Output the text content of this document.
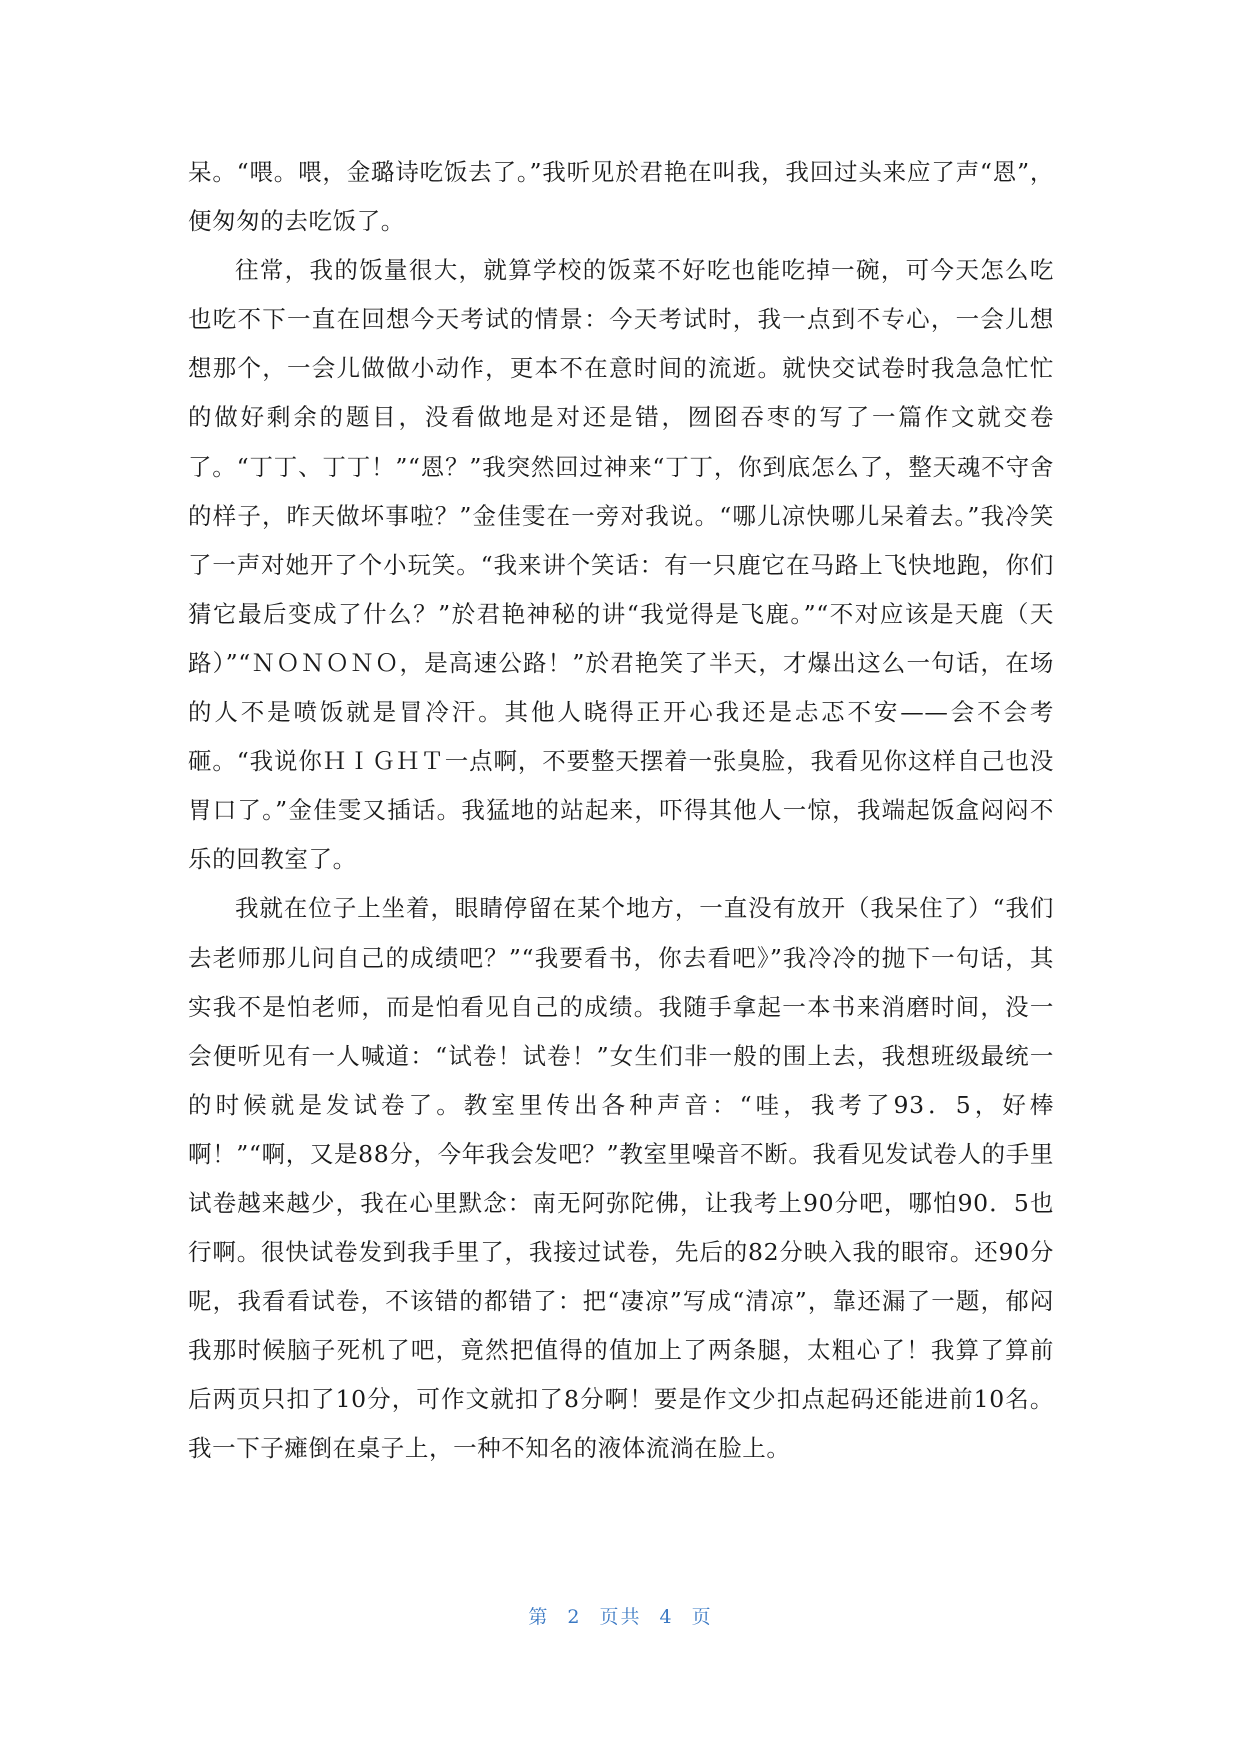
呆。“喂。喂，金璐诗吃饭去了。”我听见於君艳在叫我，我回过头来应了声“恩”，便匆匆的去吃饭了。

往常，我的饭量很大，就算学校的饭菜不好吃也能吃掉一碗，可今天怎么吃也吃不下一直在回想今天考试的情景：今天考试时，我一点到不专心，一会儿想想那个，一会儿做做小动作，更本不在意时间的流逝。就快交试卷时我急急忙忙的做好剩余的题目，没看做地是对还是错，囫囵吞枣的写了一篇作文就交卷了。“丁丁、丁丁！”“恩？”我突然回过神来“丁丁，你到底怎么了，整天魂不守舍的样子，昨天做坏事啦？”金佳雯在一旁对我说。“哪儿凉快哪儿呆着去。”我冷笑了一声对她开了个小玩笑。“我来讲个笑话：有一只鹿它在马路上飞快地跑，你们猜它最后变成了什么？”於君艳神秘的讲“我觉得是飞鹿。”“不对应该是天鹿（天路）”“ＮＯＮＯＮＯ，是高速公路！”於君艳笑了半天，才爆出这么一句话，在场的人不是喷饭就是冒冷汗。其他人晓得正开心我还是忐忑不安——会不会考砸。“我说你ＨＩＧＨＴ一点啊，不要整天摆着一张臭脸，我看见你这样自己也没胃口了。”金佳雯又插话。我猛地的站起来，吓得其他人一惊，我端起饭盒闷闷不乐的回教室了。

我就在位子上坐着，眼睛停留在某个地方，一直没有放开（我呆住了）“我们去老师那儿问自己的成绩吧？”“我要看书，你去看吧》”我冷冷的抛下一句话，其实我不是怕老师，而是怕看见自己的成绩。我随手拿起一本书来消磨时间，没一会便听见有一人喊道：“试卷！试卷！”女生们非一般的围上去，我想班级最统一的时候就是发试卷了。教室里传出各种声音：“哇，我考了93．5，好棒啊！”“啊，又是88分，今年我会发吧？”教室里噪音不断。我看见发试卷人的手里试卷越来越少，我在心里默念：南无阿弥陀佛，让我考上90分吧，哪怕90．5也行啊。很快试卷发到我手里了，我接过试卷，先后的82分映入我的眼帘。还90分呢，我看看试卷，不该错的都错了：把“凄凉”写成“清凉”，靠还漏了一题，郁闷我那时候脑子死机了吧，竟然把值得的值加上了两条腿，太粗心了！我算了算前后两页只扣了10分，可作文就扣了8分啊！要是作文少扣点起码还能进前10名。我一下子瘫倒在桌子上，一种不知名的液体流淌在脸上。

第 2 页共 4 页
